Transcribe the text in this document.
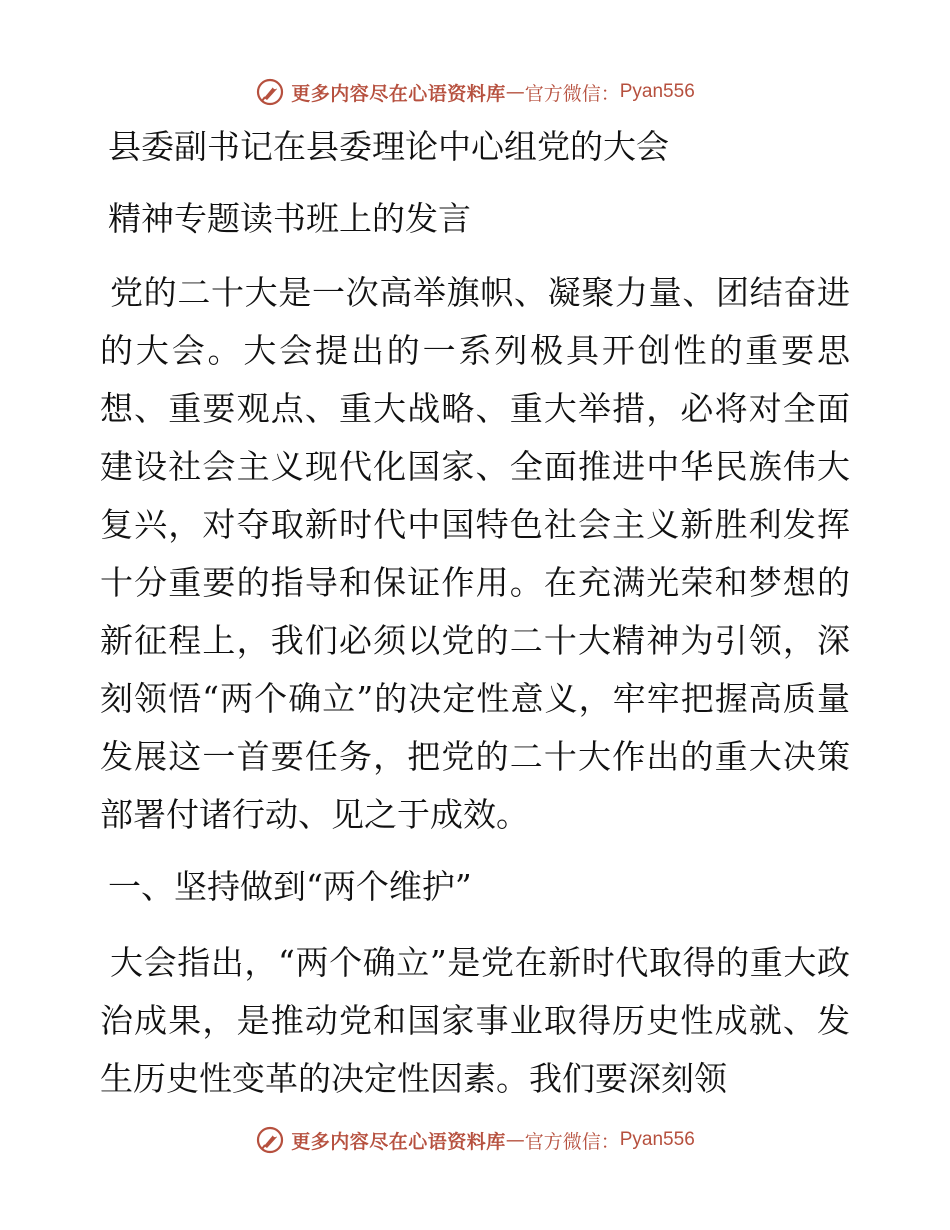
更多内容尽在心语资料库 — 官方微信： Pyan556

县委副书记在县委理论中心组党的大会

精神专题读书班上的发言

党的二十大是一次高举旗帜、凝聚力量、团结奋进的大会。大会提出的一系列极具开创性的重要思想、重要观点、重大战略、重大举措，必将对全面建设社会主义现代化国家、全面推进中华民族伟大复兴，对夺取新时代中国特色社会主义新胜利发挥十分重要的指导和保证作用。在充满光荣和梦想的新征程上，我们必须以党的二十大精神为引领，深刻领悟“两个确立”的决定性意义，牢牢把握高质量发展这一首要任务，把党的二十大作出的重大决策部署付诸行动、见之于成效。

一、坚持做到“两个维护”

大会指出，“两个确立”是党在新时代取得的重大政治成果，是推动党和国家事业取得历史性成就、发生历史性变革的决定性因素。我们要深刻领

更多内容尽在心语资料库 — 官方微信： Pyan556
